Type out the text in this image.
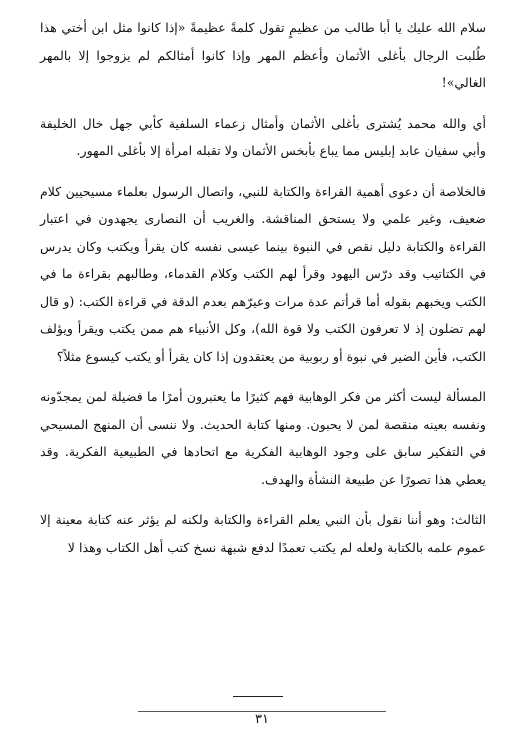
سلام الله عليك يا أبا طالب من عظيمٍ تقول كلمةً عظيمةً «إذا كانوا مثل ابن أختي هذا طُلبت الرجال بأغلى الأثمان وأعظم المهر وإذا كانوا أمثالكم لم يزوجوا إلا بالمهر الغالي»!

أي والله محمد يُشترى بأغلى الأثمان وأمثال زعماء السلفية كأبي جهل خال الخليفة وأبي سفيان عابد إبليس مما يباع بأبخس الأثمان ولا تقبله امرأة إلا بأغلى المهور.

فالخلاصة أن دعوى أهمية القراءة والكتابة للنبي، واتصال الرسول بعلماء مسيحيين كلام ضعيف، وغير علمي ولا يستحق المناقشة. والغريب أن النصارى يجهدون في اعتبار القراءة والكتابة دليل نقص في النبوة بينما عيسى نفسه كان يقرأ ويكتب وكان يدرس في الكتاتيب وقد درّس اليهود وقرأ لهم الكتب وكلام القدماء، وطالبهم بقراءة ما في الكتب ويخبهم بقوله أما قرأتم عدة مرات وعيرّهم بعدم الدقة في قراءة الكتب: (و قال لهم تضلون إذ لا تعرفون الكتب ولا قوة الله)، وكل الأنبياء هم ممن يكتب ويقرأ ويؤلف الكتب، فأين الضير في نبوة أو ربوبية من يعتقدون إذا كان يقرأ أو يكتب كيسوع مثلاً؟

المسألة ليست أكثر من فكر الوهابية فهم كثيرًا ما يعتبرون أمرًا ما فضيلة لمن يمجدّونه ونفسه بعينه منقصة لمن لا يحبون. ومنها كتابة الحديث. ولا ننسى أن المنهج المسيحي في التفكير سابق على وجود الوهابية الفكرية مع اتحادها في الطبيعية الفكرية. وقد يعطي هذا تصورًا عن طبيعة النشأة والهدف.

الثالث: وهو أننا نقول بأن النبي يعلم القراءة والكتابة ولكنه لم يؤثر عنه كتابة معينة إلا عموم علمه بالكتابة ولعله لم يكتب تعمدًا لدفع شبهة نسخ كتب أهل الكتاب وهذا لا

٣١
